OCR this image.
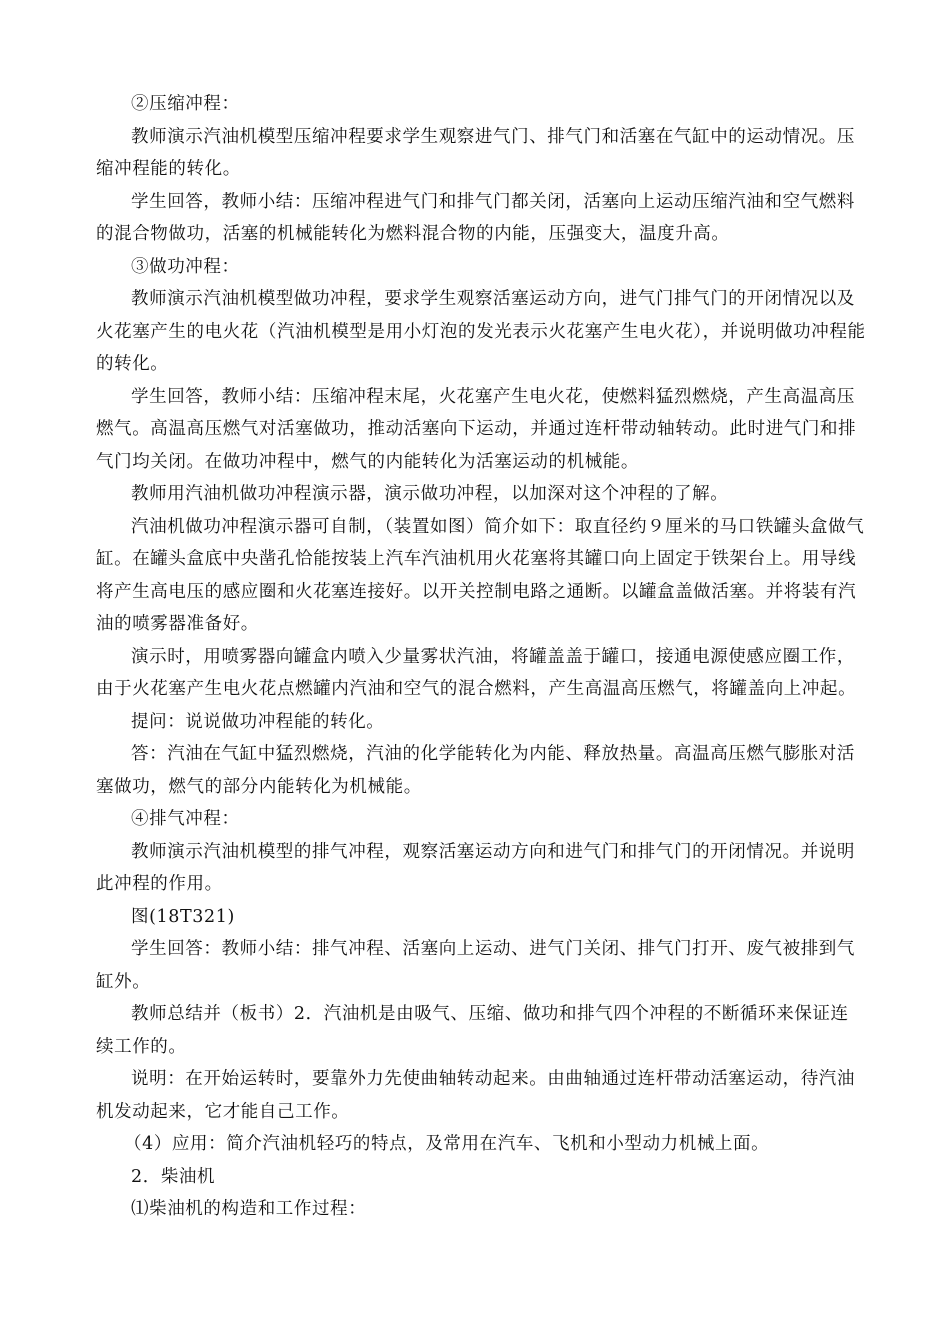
②压缩冲程：

教师演示汽油机模型压缩冲程要求学生观察进气门、排气门和活塞在气缸中的运动情况。压缩冲程能的转化。

学生回答，教师小结：压缩冲程进气门和排气门都关闭，活塞向上运动压缩汽油和空气燃料的混合物做功，活塞的机械能转化为燃料混合物的内能，压强变大，温度升高。

③做功冲程：

教师演示汽油机模型做功冲程，要求学生观察活塞运动方向，进气门排气门的开闭情况以及火花塞产生的电火花（汽油机模型是用小灯泡的发光表示火花塞产生电火花），并说明做功冲程能的转化。

学生回答，教师小结：压缩冲程末尾，火花塞产生电火花，使燃料猛烈燃烧，产生高温高压燃气。高温高压燃气对活塞做功，推动活塞向下运动，并通过连杆带动轴转动。此时进气门和排气门均关闭。在做功冲程中，燃气的内能转化为活塞运动的机械能。

教师用汽油机做功冲程演示器，演示做功冲程，以加深对这个冲程的了解。

汽油机做功冲程演示器可自制，（装置如图）简介如下：取直径约９厘米的马口铁罐头盒做气缸。在罐头盒底中央凿孔恰能按装上汽车汽油机用火花塞将其罐口向上固定于铁架台上。用导线将产生高电压的感应圈和火花塞连接好。以开关控制电路之通断。以罐盒盖做活塞。并将装有汽油的喷雾器准备好。

演示时，用喷雾器向罐盒内喷入少量雾状汽油，将罐盖盖于罐口，接通电源使感应圈工作，由于火花塞产生电火花点燃罐内汽油和空气的混合燃料，产生高温高压燃气，将罐盖向上冲起。

提问：说说做功冲程能的转化。

答：汽油在气缸中猛烈燃烧，汽油的化学能转化为内能、释放热量。高温高压燃气膨胀对活塞做功，燃气的部分内能转化为机械能。

④排气冲程：

教师演示汽油机模型的排气冲程，观察活塞运动方向和进气门和排气门的开闭情况。并说明此冲程的作用。

图(18T321)

学生回答：教师小结：排气冲程、活塞向上运动、进气门关闭、排气门打开、废气被排到气缸外。

教师总结并（板书）2．汽油机是由吸气、压缩、做功和排气四个冲程的不断循环来保证连续工作的。

说明：在开始运转时，要靠外力先使曲轴转动起来。由曲轴通过连杆带动活塞运动，待汽油机发动起来，它才能自己工作。

（4）应用：简介汽油机轻巧的特点，及常用在汽车、飞机和小型动力机械上面。

2．柴油机

⑴柴油机的构造和工作过程：
